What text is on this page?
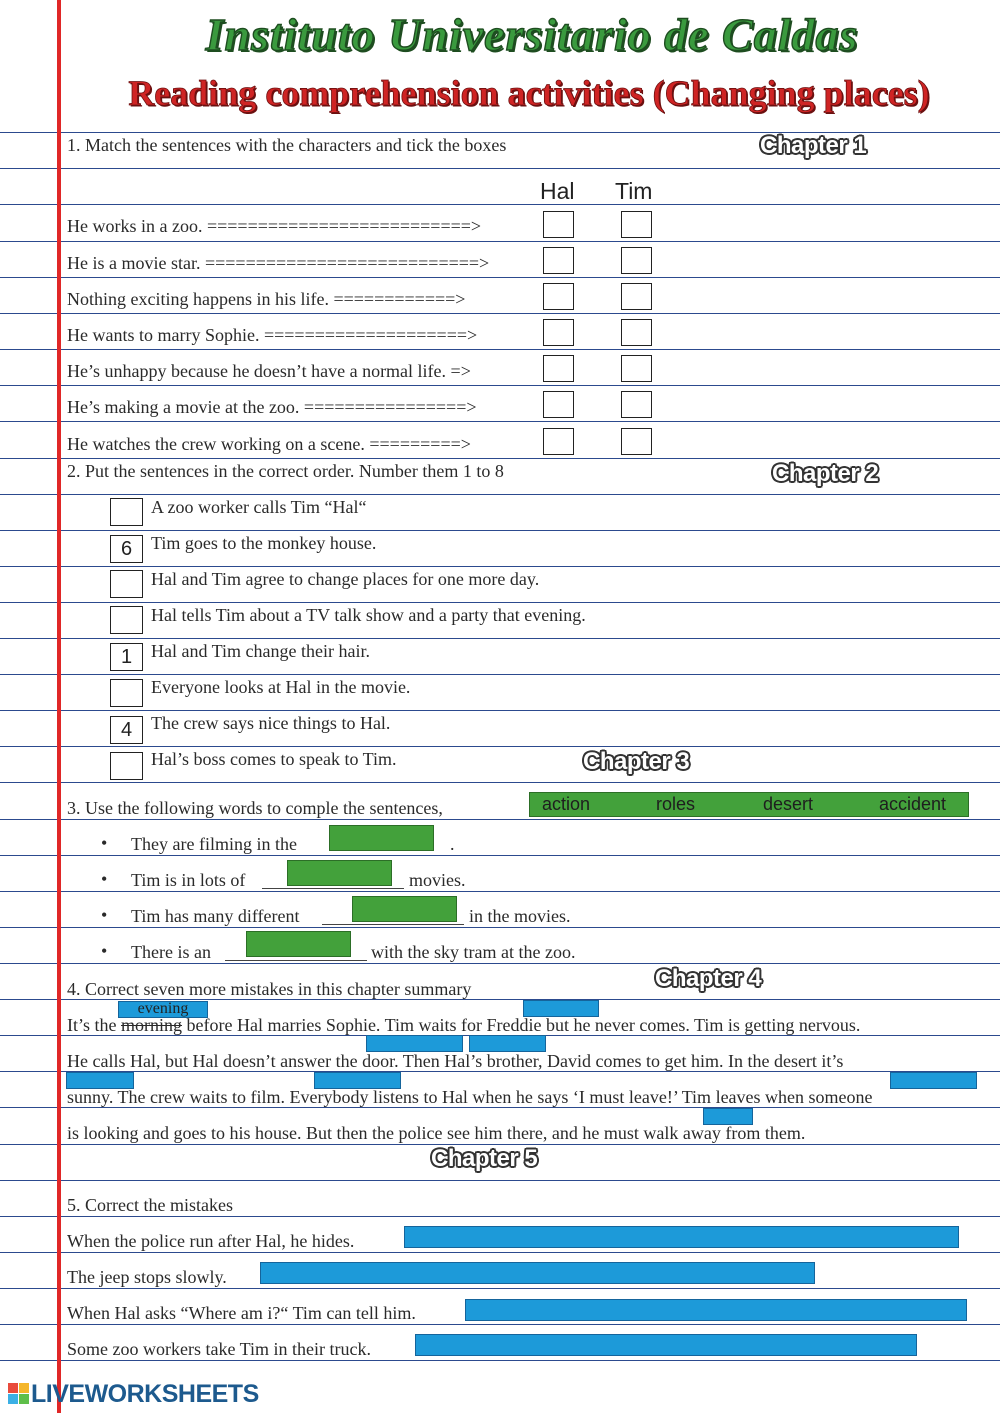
Instituto Universitario de Caldas
Reading comprehension activities (Changing places)
1. Match the sentences with the characters and tick the boxes	Chapter 1
Hal Tim
He works in a zoo. ==========================>
He is a movie star. ===========================>
Nothing exciting happens in his life. ============>
He wants to marry Sophie. ====================>
He’s unhappy because he doesn’t have a normal life. =>
He’s making a movie at the zoo. ================>
He watches the crew working on a scene. =========>
2. Put the sentences in the correct order. Number them 1 to 8	Chapter 2
A zoo worker calls Tim “Hal“
6	Tim goes to the monkey house.
Hal and Tim agree to change places for one more day.
Hal tells Tim about a TV talk show and a party that evening.
1	Hal and Tim change their hair.
Everyone looks at Hal in the movie.
4	The crew says nice things to Hal.
Hal’s boss comes to speak to Tim.	Chapter 3
3. Use the following words to comple the sentences,	action	roles	desert	accident
• They are filming in the	.
• Tim is in lots of	movies.
• Tim has many different	in the movies.
• There is an	with the sky tram at the zoo.
Chapter 4
4. Correct seven more mistakes in this chapter summary
evening
It’s the morning before Hal marries Sophie. Tim waits for Freddie but he never comes. Tim is getting nervous.
He calls Hal, but Hal doesn’t answer the door. Then Hal’s brother, David comes to get him. In the desert it’s
sunny. The crew waits to film. Everybody listens to Hal when he says ‘I must leave!’ Tim leaves when someone
is looking and goes to his house. But then the police see him there, and he must walk away from them.
Chapter 5
5. Correct the mistakes
When the police run after Hal, he hides.
The jeep stops slowly.
When Hal asks “Where am i?“ Tim can tell him.
Some zoo workers take Tim in their truck.
LIVEWORKSHEETS
